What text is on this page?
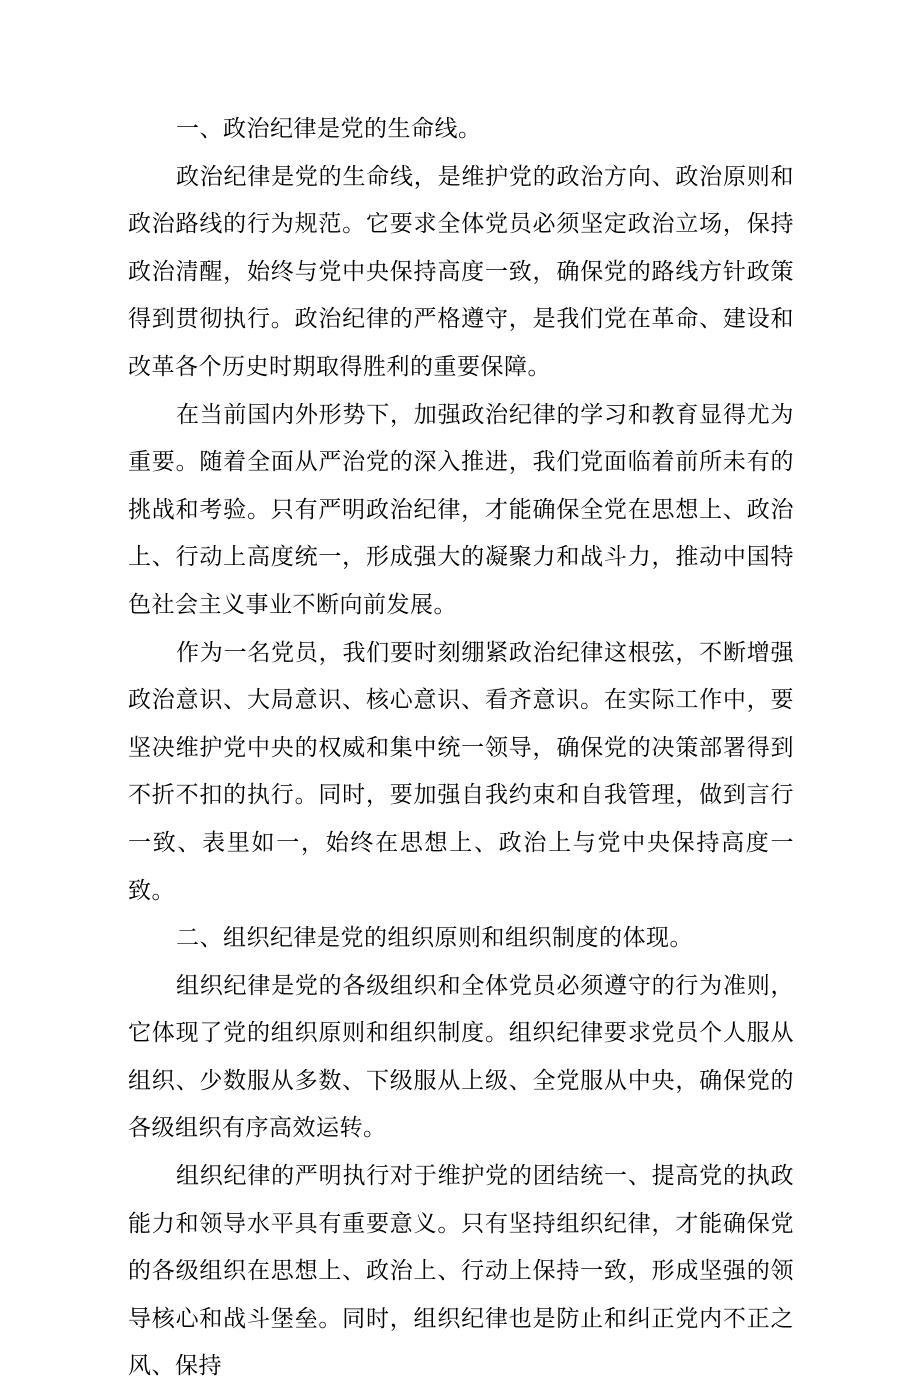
一、政治纪律是党的生命线。

政治纪律是党的生命线，是维护党的政治方向、政治原则和政治路线的行为规范。它要求全体党员必须坚定政治立场，保持政治清醒，始终与党中央保持高度一致，确保党的路线方针政策得到贯彻执行。政治纪律的严格遵守，是我们党在革命、建设和改革各个历史时期取得胜利的重要保障。

在当前国内外形势下，加强政治纪律的学习和教育显得尤为重要。随着全面从严治党的深入推进，我们党面临着前所未有的挑战和考验。只有严明政治纪律，才能确保全党在思想上、政治上、行动上高度统一，形成强大的凝聚力和战斗力，推动中国特色社会主义事业不断向前发展。

作为一名党员，我们要时刻绷紧政治纪律这根弦，不断增强政治意识、大局意识、核心意识、看齐意识。在实际工作中，要坚决维护党中央的权威和集中统一领导，确保党的决策部署得到不折不扣的执行。同时，要加强自我约束和自我管理，做到言行一致、表里如一，始终在思想上、政治上与党中央保持高度一致。

二、组织纪律是党的组织原则和组织制度的体现。

组织纪律是党的各级组织和全体党员必须遵守的行为准则，它体现了党的组织原则和组织制度。组织纪律要求党员个人服从组织、少数服从多数、下级服从上级、全党服从中央，确保党的各级组织有序高效运转。

组织纪律的严明执行对于维护党的团结统一、提高党的执政能力和领导水平具有重要意义。只有坚持组织纪律，才能确保党的各级组织在思想上、政治上、行动上保持一致，形成坚强的领导核心和战斗堡垒。同时，组织纪律也是防止和纠正党内不正之风、保持
